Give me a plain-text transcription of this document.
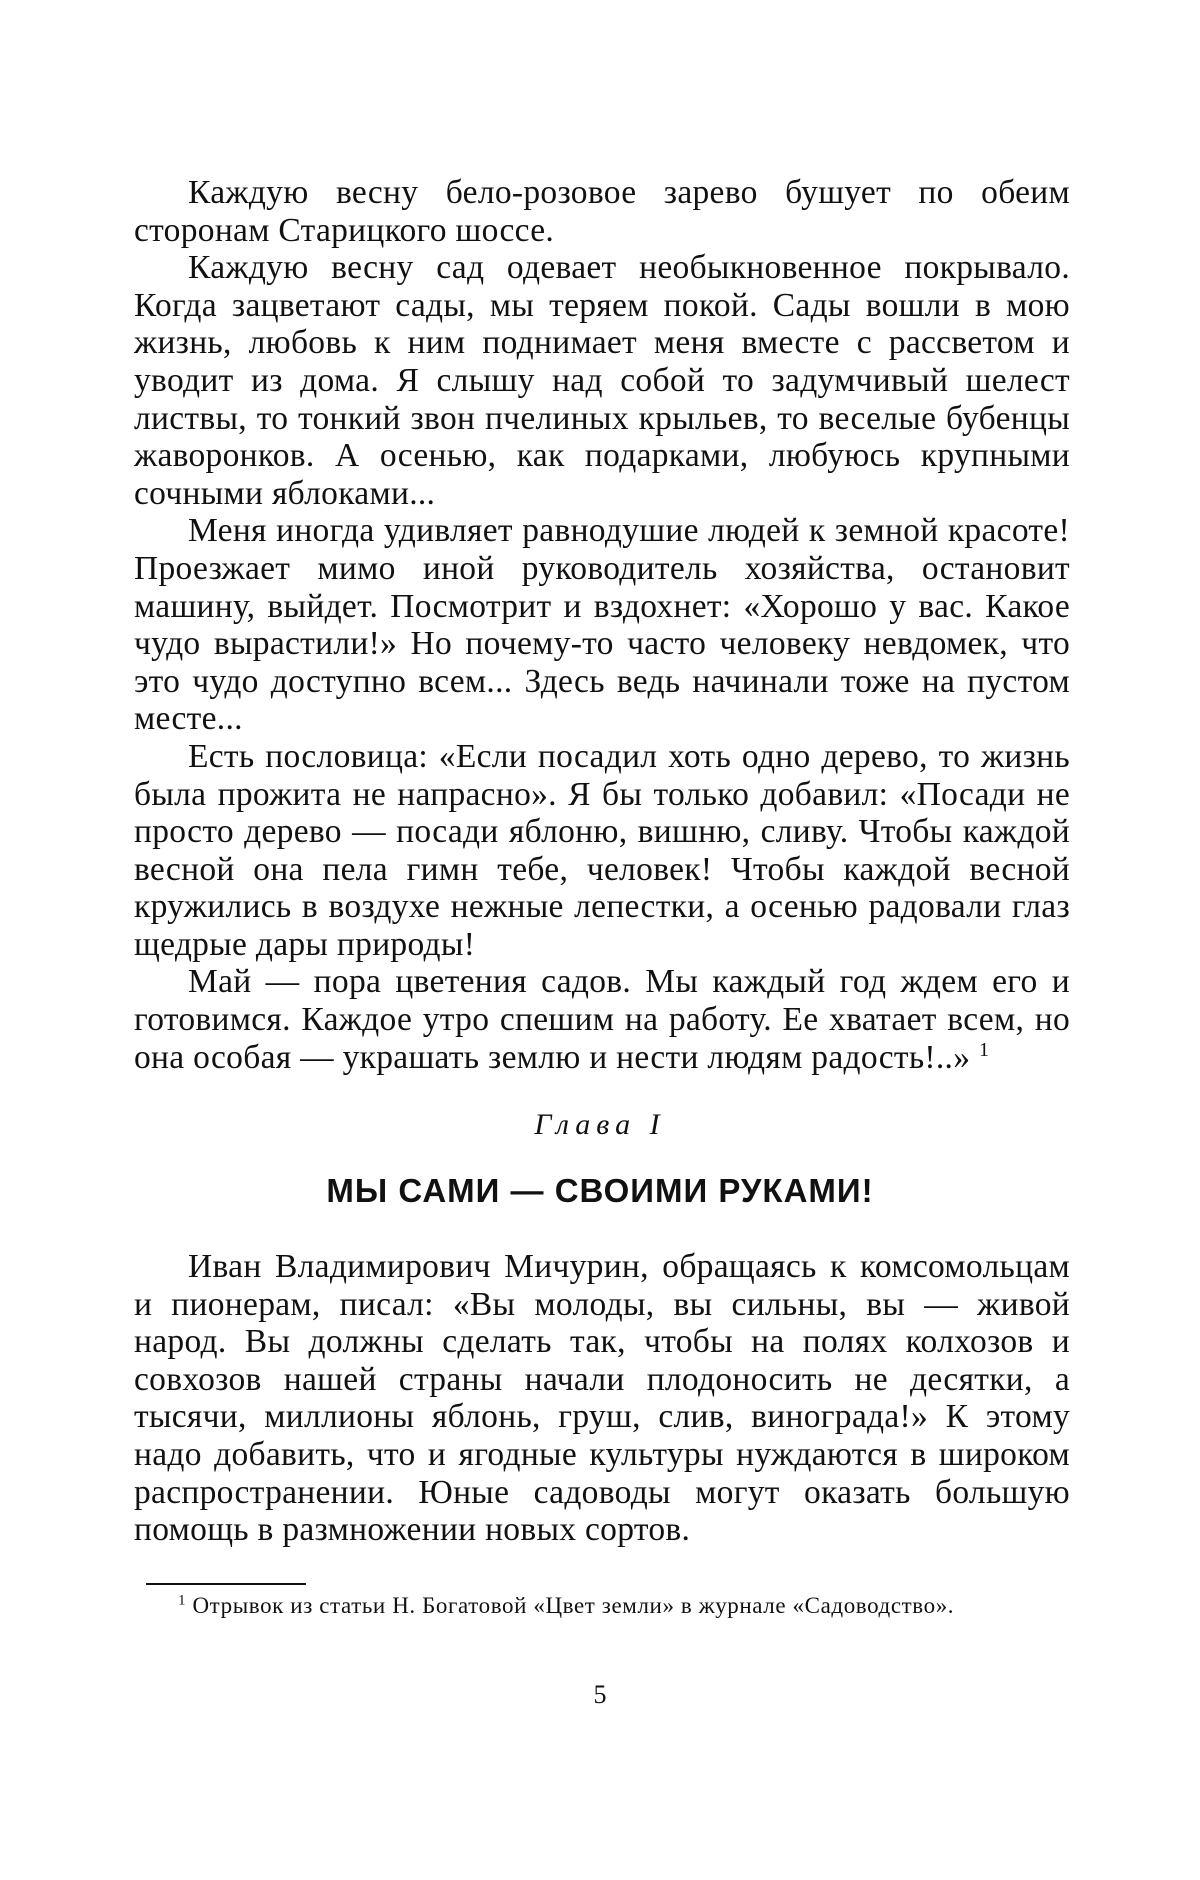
Каждую весну бело-розовое зарево бушует по обеим сторонам Старицкого шоссе.

Каждую весну сад одевает необыкновенное покрывало. Когда зацветают сады, мы теряем покой. Сады вошли в мою жизнь, любовь к ним поднимает меня вместе с рассветом и уводит из дома. Я слышу над собой то задумчивый шелест листвы, то тонкий звон пчелиных крыльев, то веселые бубенцы жаворонков. А осенью, как подарками, любуюсь крупными сочными яблоками...

Меня иногда удивляет равнодушие людей к земной красоте! Проезжает мимо иной руководитель хозяйства, остановит машину, выйдет. Посмотрит и вздохнет: «Хорошо у вас. Какое чудо вырастили!» Но почему-то часто человеку невдомек, что это чудо доступно всем... Здесь ведь начинали тоже на пустом месте...

Есть пословица: «Если посадил хоть одно дерево, то жизнь была прожита не напрасно». Я бы только добавил: «Посади не просто дерево — посади яблоню, вишню, сливу. Чтобы каждой весной она пела гимн тебе, человек! Чтобы каждой весной кружились в воздухе нежные лепестки, а осенью радовали глаз щедрые дары природы!

Май — пора цветения садов. Мы каждый год ждем его и готовимся. Каждое утро спешим на работу. Ее хватает всем, но она особая — украшать землю и нести людям радость!..» $^1$

Глава I
МЫ САМИ — СВОИМИ РУКАМИ!

Иван Владимирович Мичурин, обращаясь к комсомольцам и пионерам, писал: «Вы молоды, вы сильны, вы — живой народ. Вы должны сделать так, чтобы на полях колхозов и совхозов нашей страны начали плодоносить не десятки, а тысячи, миллионы яблонь, груш, слив, винограда!» К этому надо добавить, что и ягодные культуры нуждаются в широком распространении. Юные садоводы могут оказать большую помощь в размножении новых сортов.

$^1$ Отрывок из статьи Н. Богатовой «Цвет земли» в журнале «Садоводство».

5
